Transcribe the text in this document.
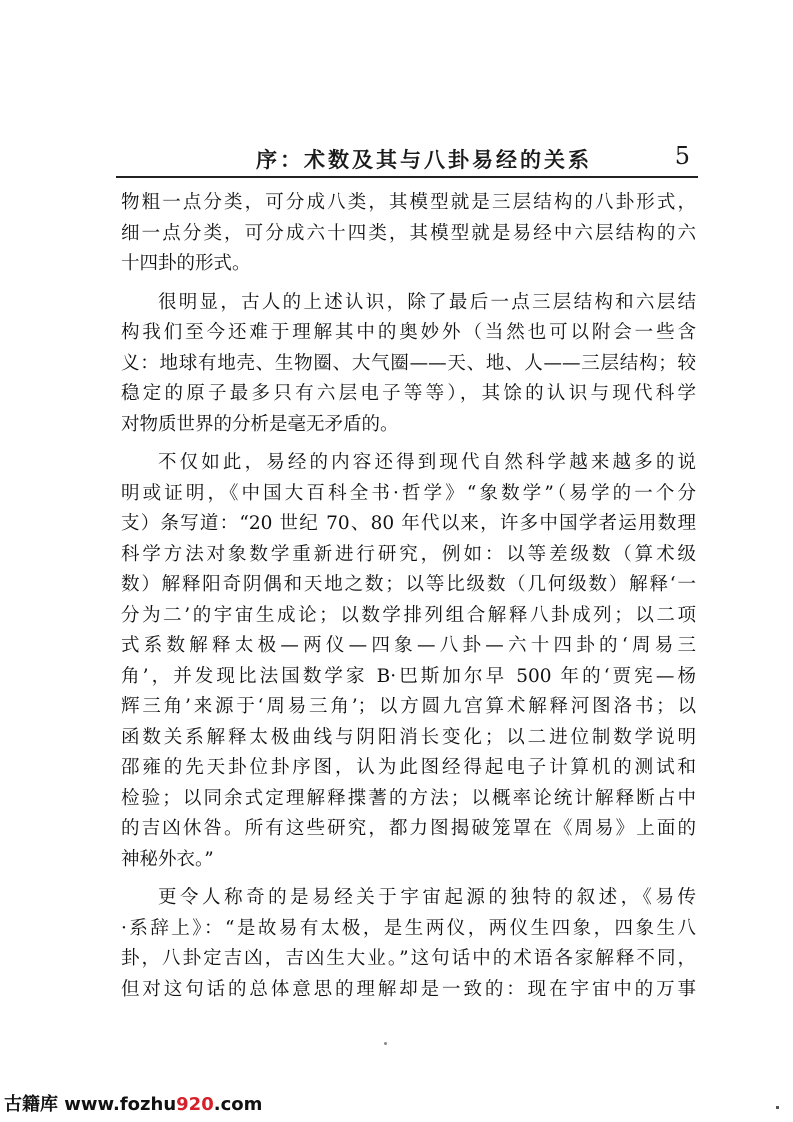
序：术数及其与八卦易经的关系	5
物粗一点分类，可分成八类，其模型就是三层结构的八卦形式，
细一点分类，可分成六十四类，其模型就是易经中六层结构的六
十四卦的形式。
很明显，古人的上述认识，除了最后一点三层结构和六层结
构我们至今还难于理解其中的奥妙外（当然也可以附会一些含
义：地球有地壳、生物圈、大气圈——天、地、人——三层结构；较
稳定的原子最多只有六层电子等等），其馀的认识与现代科学
对物质世界的分析是毫无矛盾的。
不仅如此，易经的内容还得到现代自然科学越来越多的说
明或证明，《中国大百科全书·哲学》“象数学”（易学的一个分
支）条写道：“20 世纪 70、80 年代以来，许多中国学者运用数理
科学方法对象数学重新进行研究，例如：以等差级数（算术级
数）解释阳奇阴偶和天地之数；以等比级数（几何级数）解释‘一
分为二’的宇宙生成论；以数学排列组合解释八卦成列；以二项
式系数解释太极—两仪—四象—八卦—六十四卦的‘周易三
角’，并发现比法国数学家 B·巴斯加尔早 500 年的‘贾宪—杨
辉三角’来源于‘周易三角’；以方圆九宫算术解释河图洛书；以
函数关系解释太极曲线与阴阳消长变化；以二进位制数学说明
邵雍的先天卦位卦序图，认为此图经得起电子计算机的测试和
检验；以同余式定理解释揲蓍的方法；以概率论统计解释断占中
的吉凶休咎。所有这些研究，都力图揭破笼罩在《周易》上面的
神秘外衣。”
更令人称奇的是易经关于宇宙起源的独特的叙述，《易传
·系辞上》：“是故易有太极，是生两仪，两仪生四象，四象生八
卦，八卦定吉凶，吉凶生大业。”这句话中的术语各家解释不同，
但对这句话的总体意思的理解却是一致的：现在宇宙中的万事
古籍库 www.fozhu920.com
